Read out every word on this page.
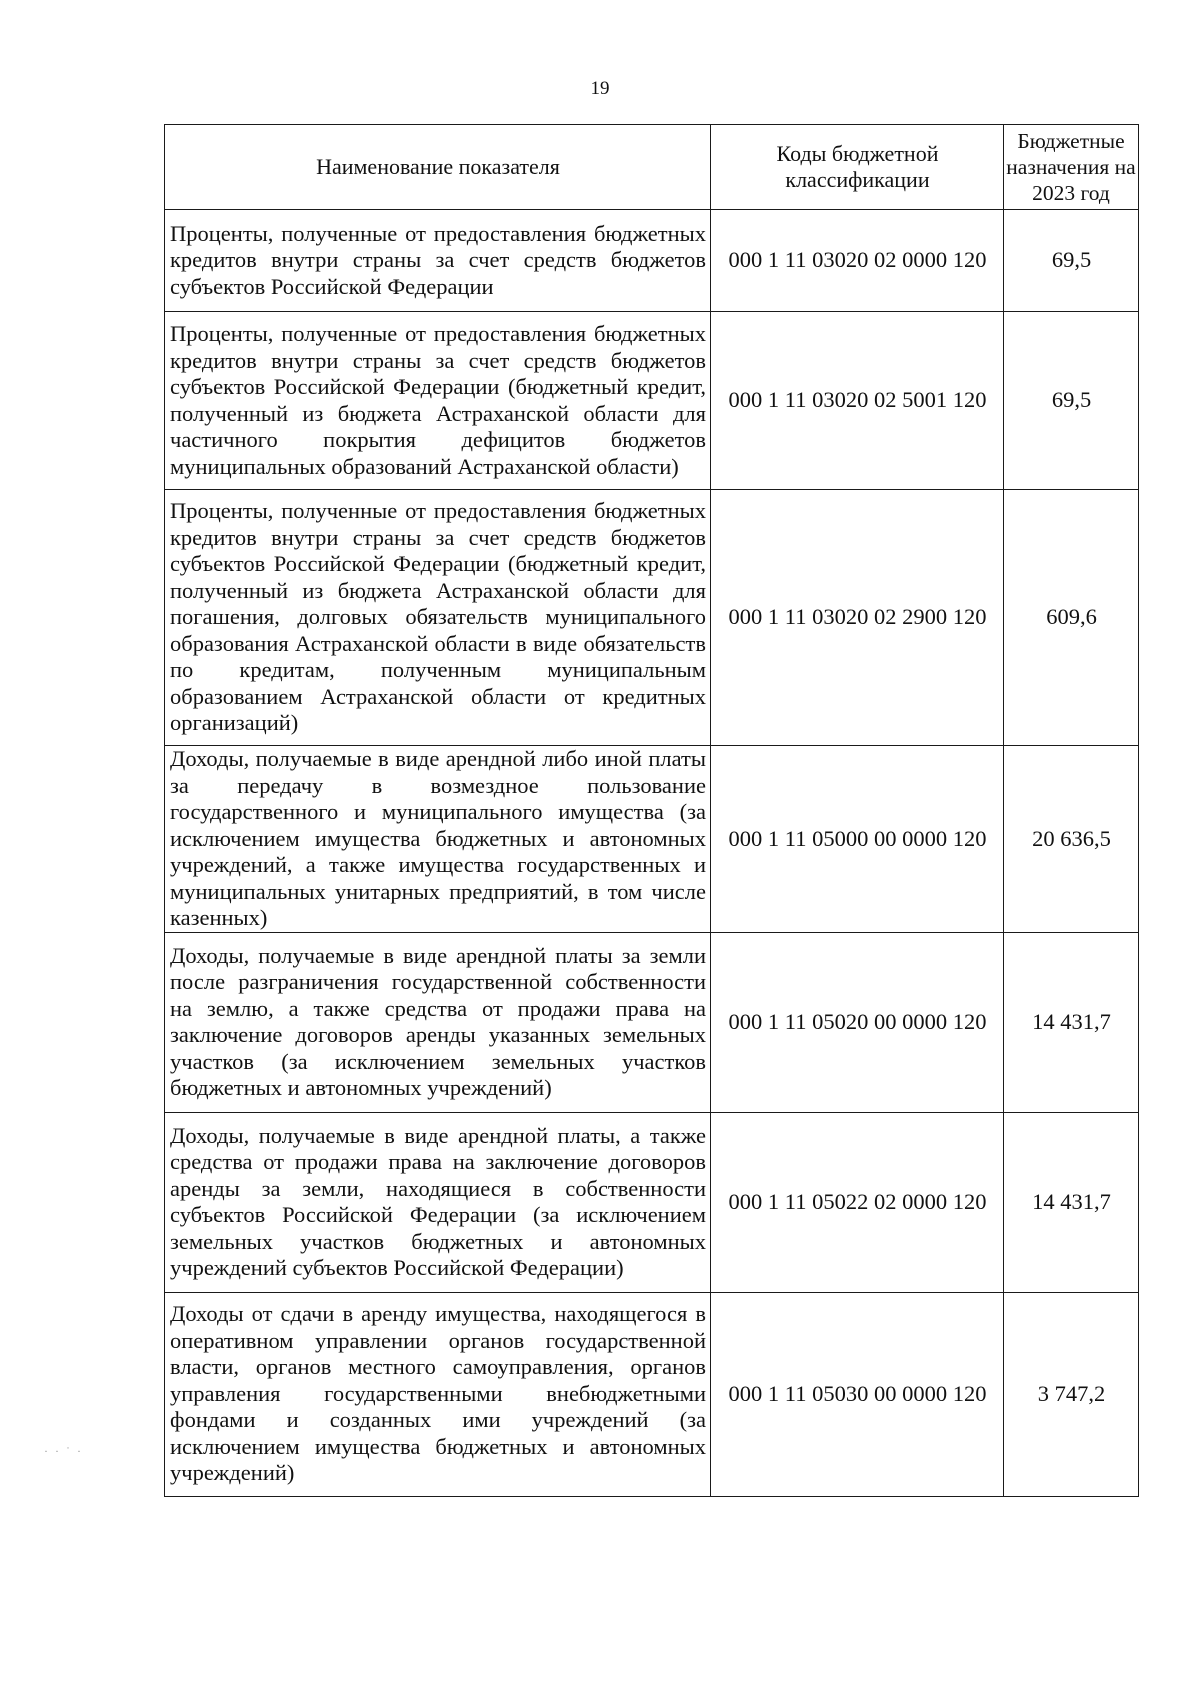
19
Наименование показателя	Коды бюджетной классификации	Бюджетные назначения на 2023 год
Проценты, полученные от предоставления бюджетных кредитов внутри страны за счет средств бюджетов субъектов Российской Федерации	000 1 11 03020 02 0000 120	69,5
Проценты, полученные от предоставления бюджетных кредитов внутри страны за счет средств бюджетов субъектов Российской Федерации (бюджетный кредит, полученный из бюджета Астраханской области для частичного покрытия дефицитов бюджетов муниципальных образований Астраханской области)	000 1 11 03020 02 5001 120	69,5
Проценты, полученные от предоставления бюджетных кредитов внутри страны за счет средств бюджетов субъектов Российской Федерации (бюджетный кредит, полученный из бюджета Астраханской области для погашения, долговых обязательств муниципального образования Астраханской области в виде обязательств по кредитам, полученным муниципальным образованием Астраханской области от кредитных организаций)	000 1 11 03020 02 2900 120	609,6
Доходы, получаемые в виде арендной либо иной платы за передачу в возмездное пользование государственного и муниципального имущества (за исключением имущества бюджетных и автономных учреждений, а также имущества государственных и муниципальных унитарных предприятий, в том числе казенных)	000 1 11 05000 00 0000 120	20 636,5
Доходы, получаемые в виде арендной платы за земли после разграничения государственной собственности на землю, а также средства от продажи права на заключение договоров аренды указанных земельных участков (за исключением земельных участков бюджетных и автономных учреждений)	000 1 11 05020 00 0000 120	14 431,7
Доходы, получаемые в виде арендной платы, а также средства от продажи права на заключение договоров аренды за земли, находящиеся в собственности субъектов Российской Федерации (за исключением земельных участков бюджетных и автономных учреждений субъектов Российской Федерации)	000 1 11 05022 02 0000 120	14 431,7
Доходы от сдачи в аренду имущества, находящегося в оперативном управлении органов государственной власти, органов местного самоуправления, органов управления государственными внебюджетными фондами и созданных ими учреждений (за исключением имущества бюджетных и автономных учреждений)	000 1 11 05030 00 0000 120	3 747,2
· · ˙ ·
